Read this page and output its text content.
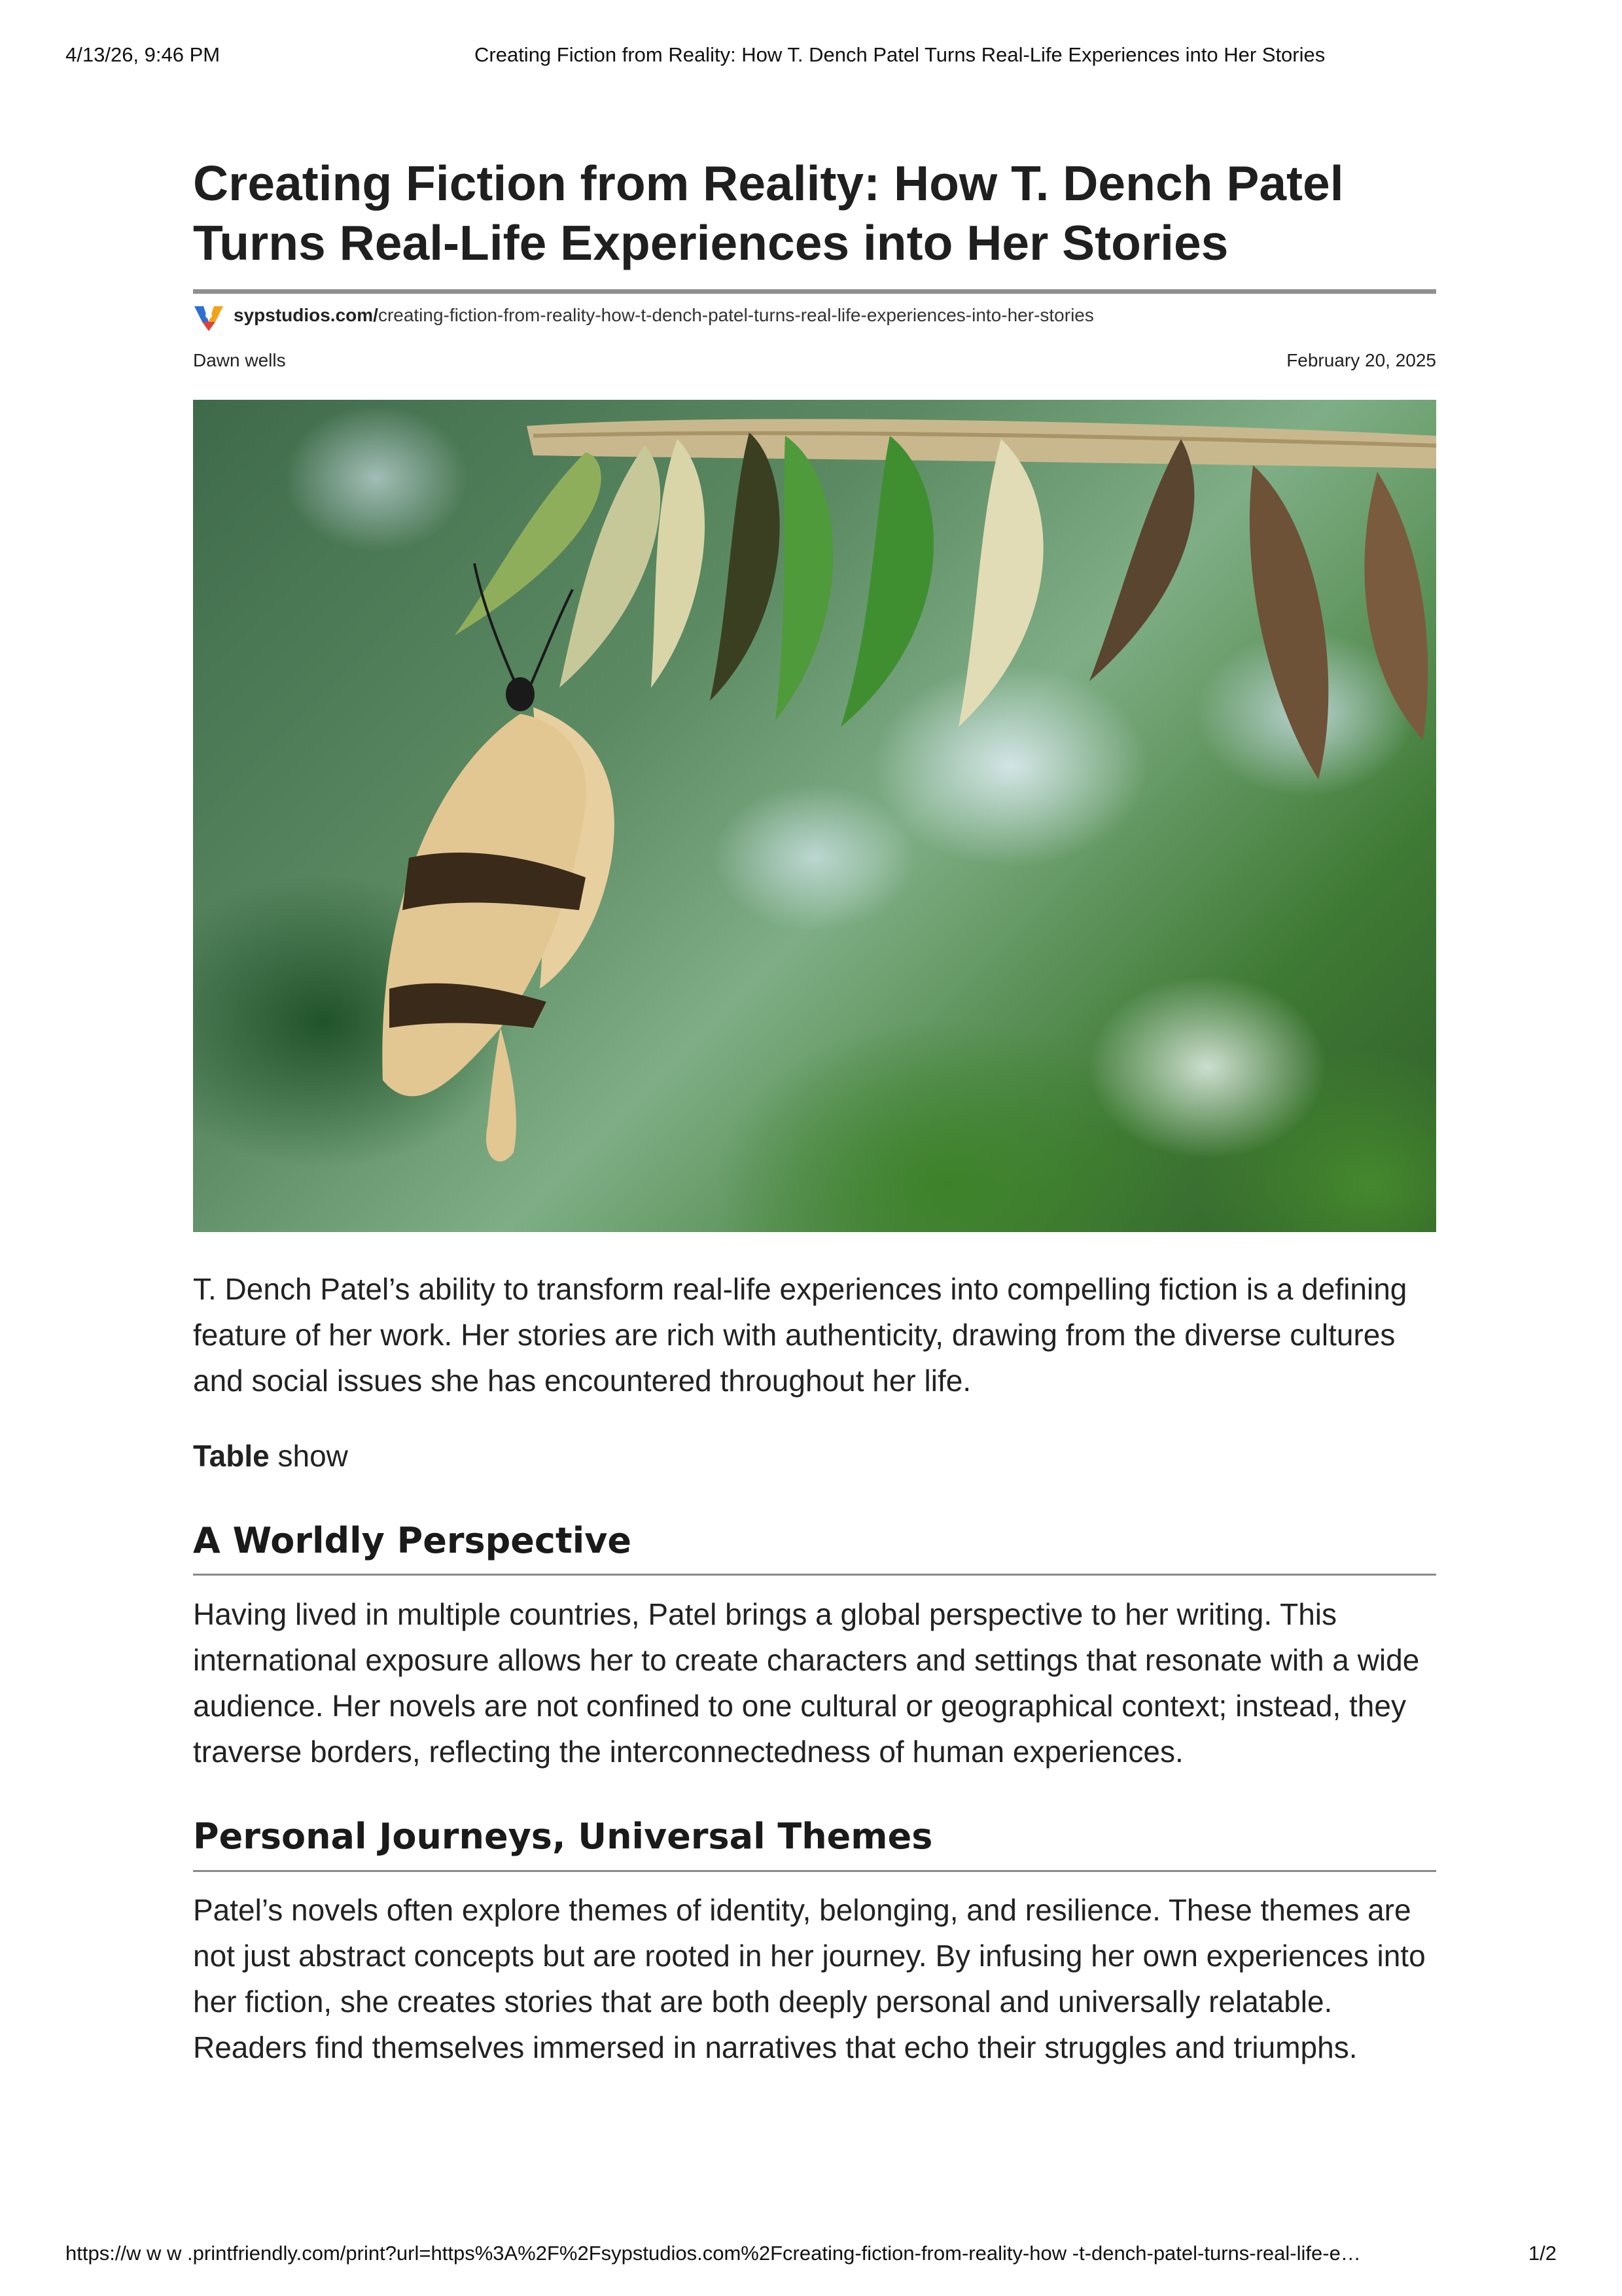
4/13/26, 9:46 PM	Creating Fiction from Reality: How T. Dench Patel Turns Real-Life Experiences into Her Stories
Creating Fiction from Reality: How T. Dench Patel Turns Real-Life Experiences into Her Stories
sypstudios.com/creating-fiction-from-reality-how-t-dench-patel-turns-real-life-experiences-into-her-stories
Dawn wells	February 20, 2025

T. Dench Patel’s ability to transform real-life experiences into compelling fiction is a defining feature of her work. Her stories are rich with authenticity, drawing from the diverse cultures and social issues she has encountered throughout her life.

Table show
A Worldly Perspective

Having lived in multiple countries, Patel brings a global perspective to her writing. This international exposure allows her to create characters and settings that resonate with a wide audience. Her novels are not confined to one cultural or geographical context; instead, they traverse borders, reflecting the interconnectedness of human experiences.

Personal Journeys, Universal Themes

Patel’s novels often explore themes of identity, belonging, and resilience. These themes are not just abstract concepts but are rooted in her journey. By infusing her own experiences into her fiction, she creates stories that are both deeply personal and universally relatable. Readers find themselves immersed in narratives that echo their struggles and triumphs.

https://w w w .printfriendly.com/print?url=https%3A%2F%2Fsypstudios.com%2Fcreating-fiction-from-reality-how -t-dench-patel-turns-real-life-e…	1/2
